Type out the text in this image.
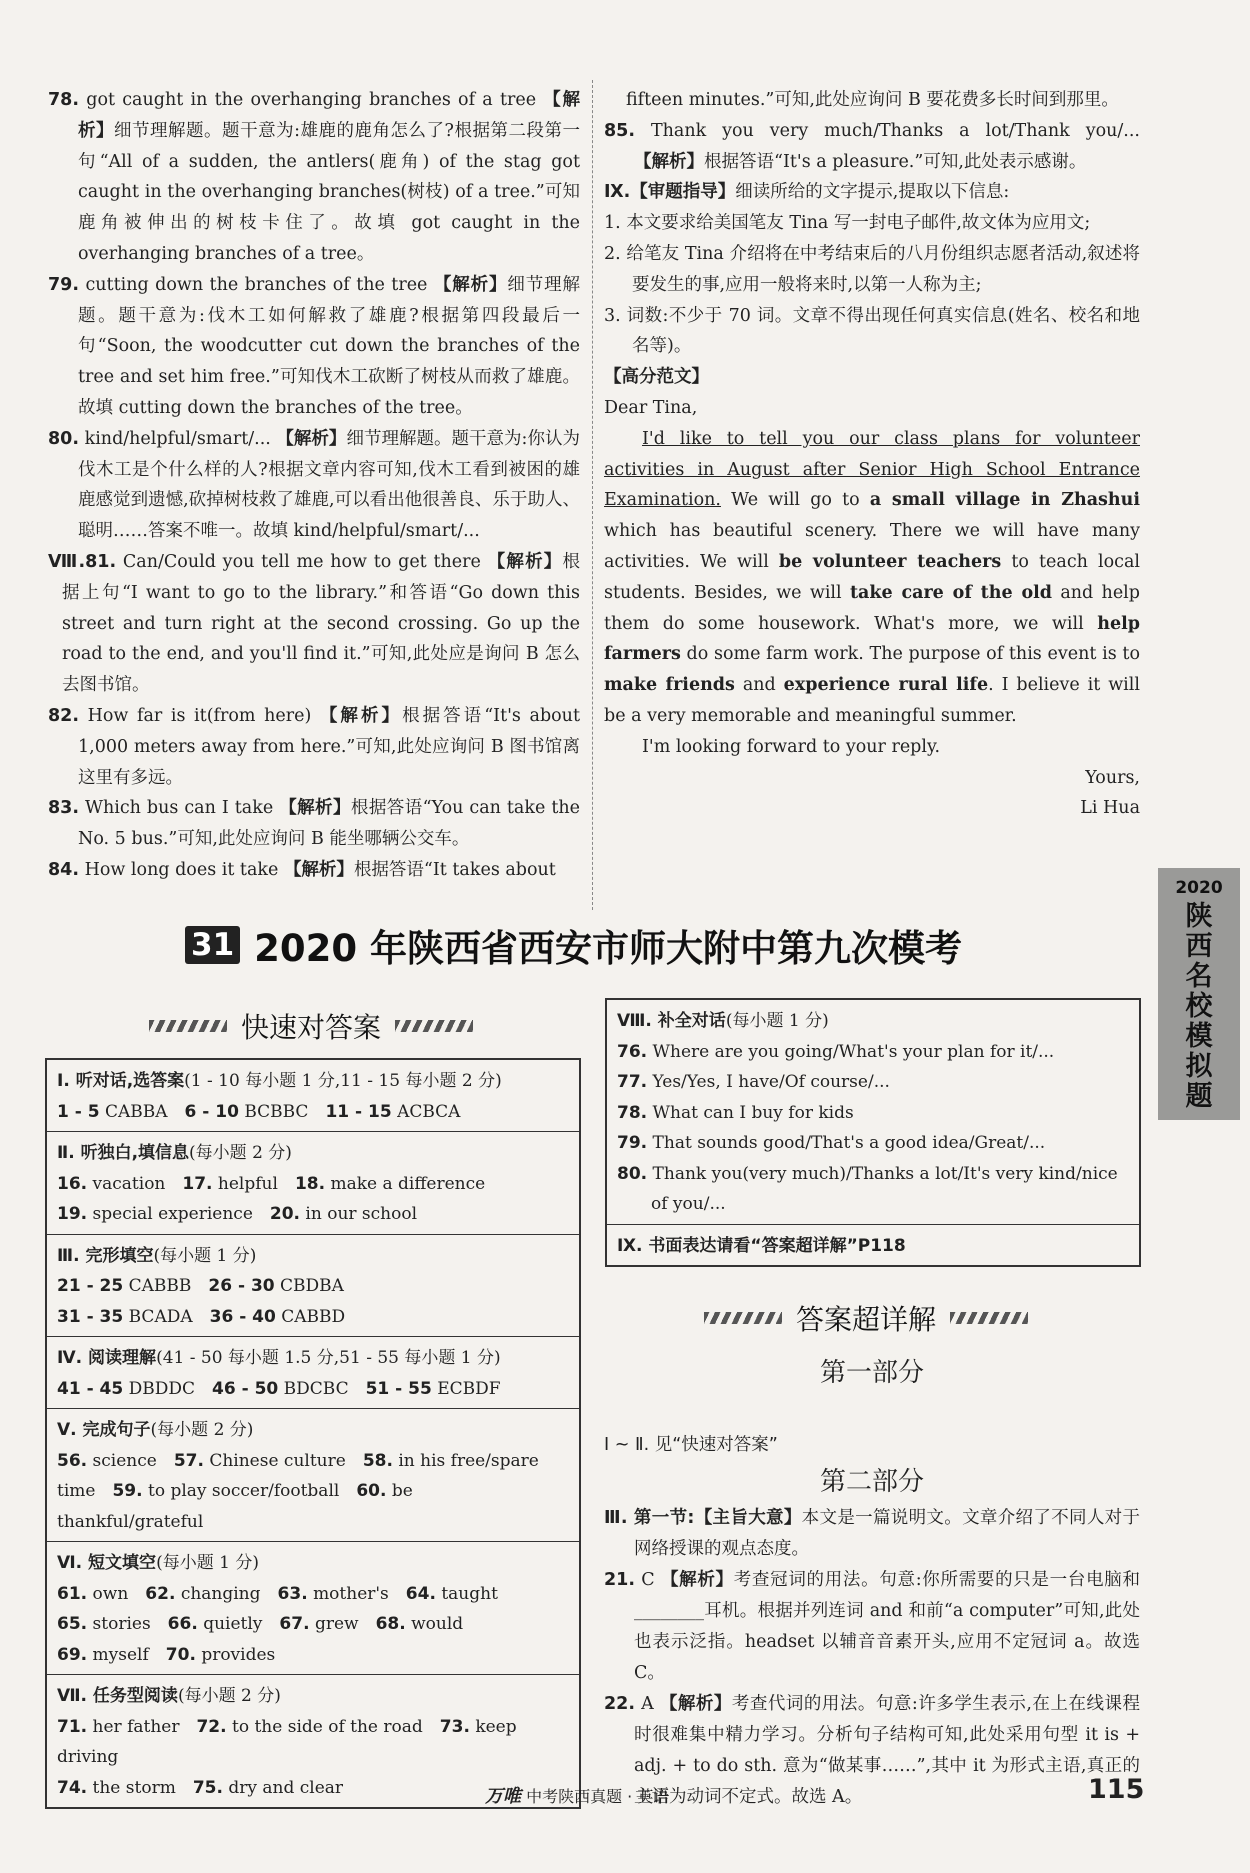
78. got caught in the overhanging branches of a tree 【解析】细节理解题。题干意为:雄鹿的鹿角怎么了?根据第二段第一句“All of a sudden, the antlers(鹿角) of the stag got caught in the overhanging branches(树枝) of a tree.”可知鹿角被伸出的树枝卡住了。故填 got caught in the overhanging branches of a tree。

79. cutting down the branches of the tree 【解析】细节理解题。题干意为:伐木工如何解救了雄鹿?根据第四段最后一句“Soon, the woodcutter cut down the branches of the tree and set him free.”可知伐木工砍断了树枝从而救了雄鹿。故填 cutting down the branches of the tree。

80. kind/helpful/smart/... 【解析】细节理解题。题干意为:你认为伐木工是个什么样的人?根据文章内容可知,伐木工看到被困的雄鹿感觉到遗憾,砍掉树枝救了雄鹿,可以看出他很善良、乐于助人、聪明……答案不唯一。故填 kind/helpful/smart/...

Ⅷ.81. Can/Could you tell me how to get there 【解析】根据上句“I want to go to the library.”和答语“Go down this street and turn right at the second crossing. Go up the road to the end, and you'll find it.”可知,此处应是询问 B 怎么去图书馆。

82. How far is it(from here) 【解析】根据答语“It's about 1,000 meters away from here.”可知,此处应询问 B 图书馆离这里有多远。

83. Which bus can I take 【解析】根据答语“You can take the No. 5 bus.”可知,此处应询问 B 能坐哪辆公交车。

84. How long does it take 【解析】根据答语“It takes about

fifteen minutes.”可知,此处应询问 B 要花费多长时间到那里。

85. Thank you very much/Thanks a lot/Thank you/... 【解析】根据答语“It's a pleasure.”可知,此处表示感谢。

Ⅸ.【审题指导】细读所给的文字提示,提取以下信息:

1. 本文要求给美国笔友 Tina 写一封电子邮件,故文体为应用文;

2. 给笔友 Tina 介绍将在中考结束后的八月份组织志愿者活动,叙述将要发生的事,应用一般将来时,以第一人称为主;

3. 词数:不少于 70 词。文章不得出现任何真实信息(姓名、校名和地名等)。

【高分范文】

Dear Tina,

I'd like to tell you our class plans for volunteer activities in August after Senior High School Entrance Examination. We will go to a small village in Zhashui which has beautiful scenery. There we will have many activities. We will be volunteer teachers to teach local students. Besides, we will take care of the old and help them do some housework. What's more, we will help farmers do some farm work. The purpose of this event is to make friends and experience rural life. I believe it will be a very memorable and meaningful summer.

I'm looking forward to your reply.

Yours,

Li Hua

2020
陕西名校模拟题
31 2020 年陕西省西安市师大附中第九次模考
快速对答案
Ⅰ. 听对话,选答案(1 - 10 每小题 1 分,11 - 15 每小题 2 分)
1 - 5 CABBA  6 - 10 BCBBC  11 - 15 ACBCA 
Ⅱ. 听独白,填信息(每小题 2 分)
16. vacation  17. helpful  18. make a difference 
19. special experience  20. in our school 
Ⅲ. 完形填空(每小题 1 分)
21 - 25 CABBB  26 - 30 CBDBA 
31 - 35 BCADA  36 - 40 CABBD 
Ⅳ. 阅读理解(41 - 50 每小题 1.5 分,51 - 55 每小题 1 分)
41 - 45 DBDDC  46 - 50 BDCBC  51 - 55 ECBDF 
Ⅴ. 完成句子(每小题 2 分)
56. science  57. Chinese culture  58. in his free/spare 
time  59. to play soccer/football  60. be thankful/grateful 
Ⅵ. 短文填空(每小题 1 分)
61. own  62. changing  63. mother's  64. taught 
65. stories  66. quietly  67. grew  68. would 
69. myself  70. provides 
Ⅶ. 任务型阅读(每小题 2 分)
71. her father  72. to the side of the road  73. keep driving 
74. the storm  75. dry and clear 
Ⅷ. 补全对话(每小题 1 分)
76. Where are you going/What's your plan for it/...
77. Yes/Yes, I have/Of course/...
78. What can I buy for kids
79. That sounds good/That's a good idea/Great/...
80. Thank you(very much)/Thanks a lot/It's very kind/nice of you/...
Ⅸ. 书面表达请看“答案超详解”P118
答案超详解
第一部分

Ⅰ ~ Ⅱ. 见“快速对答案”

第二部分

Ⅲ. 第一节:【主旨大意】本文是一篇说明文。文章介绍了不同人对于网络授课的观点态度。

21. C 【解析】考查冠词的用法。句意:你所需要的只是一台电脑和________耳机。根据并列连词 and 和前“a computer”可知,此处也表示泛指。headset 以辅音音素开头,应用不定冠词 a。故选 C。

22. A 【解析】考查代词的用法。句意:许多学生表示,在上在线课程时很难集中精力学习。分析句子结构可知,此处采用句型 it is + adj. + to do sth. 意为“做某事……”,其中 it 为形式主语,真正的主语为动词不定式。故选 A。

万唯 中考陕西真题 · 英语	115
